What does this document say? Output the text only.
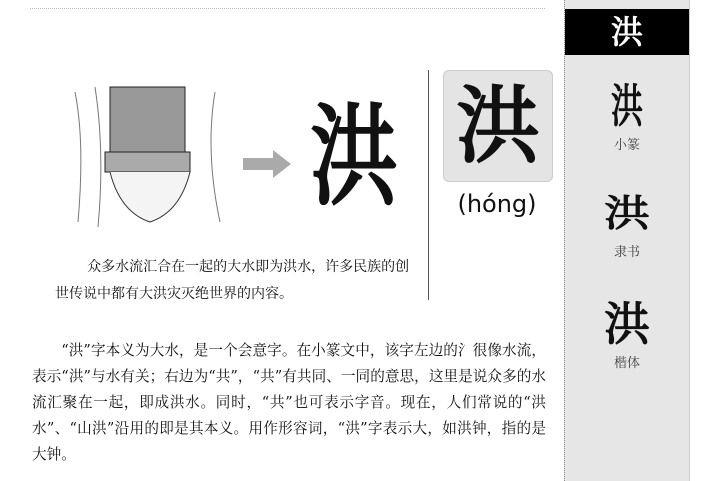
洪 洪
(hóng)
众多水流汇合在一起的大水即为洪水，许多民族的创世传说中都有大洪灾灭绝世界的内容。
“洪”字本义为大水，是一个会意字。在小篆文中，该字左边的氵很像水流，表示“洪”与水有关；右边为“共”，“共”有共同、一同的意思，这里是说众多的水流汇聚在一起，即成洪水。同时，“共”也可表示字音。现在，人们常说的“洪水”、“山洪”沿用的即是其本义。用作形容词，“洪”字表示大，如洪钟，指的是大钟。
洪
洪
小篆
洪
隶书
洪
楷体
